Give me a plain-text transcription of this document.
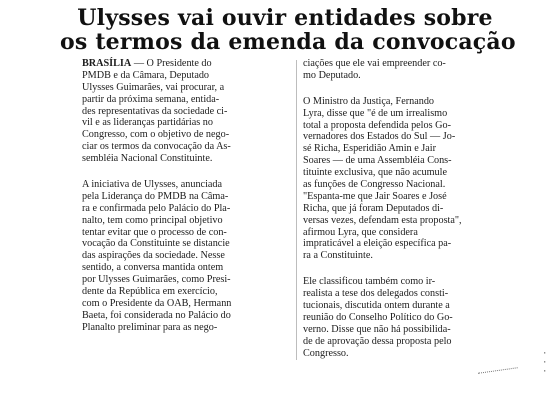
Ulysses vai ouvir entidades sobre
os termos da emenda da convocação
BRASÍLIA — O Presidente do
PMDB e da Câmara, Deputado
Ulysses Guimarães, vai procurar, a
partir da próxima semana, entida-
des representativas da sociedade ci-
vil e as lideranças partidárias no
Congresso, com o objetivo de nego-
ciar os termos da convocação da As-
sembléia Nacional Constituinte.
A iniciativa de Ulysses, anunciada
pela Liderança do PMDB na Câma-
ra e confirmada pelo Palácio do Pla-
nalto, tem como principal objetivo
tentar evitar que o processo de con-
vocação da Constituinte se distancie
das aspirações da sociedade. Nesse
sentido, a conversa mantida ontem
por Ulysses Guimarães, como Presi-
dente da República em exercício,
com o Presidente da OAB, Hermann
Baeta, foi considerada no Palácio do
Planalto preliminar para as nego-
ciações que ele vai empreender co-
mo Deputado.
O Ministro da Justiça, Fernando
Lyra, disse que "é de um irrealismo
total a proposta defendida pelos Go-
vernadores dos Estados do Sul — Jo-
sé Richa, Esperidião Amin e Jair
Soares — de uma Assembléia Cons-
tituinte exclusiva, que não acumule
as funções de Congresso Nacional.
"Espanta-me que Jair Soares e José
Richa, que já foram Deputados di-
versas vezes, defendam esta proposta",
afirmou Lyra, que considera
impraticável a eleição específica pa-
ra a Constituinte.
Ele classificou também como ir-
realista a tese dos delegados consti-
tucionais, discutida ontem durante a
reunião do Conselho Político do Go-
verno. Disse que não há possibilida-
de de aprovação dessa proposta pelo
Congresso.	·
·
·
